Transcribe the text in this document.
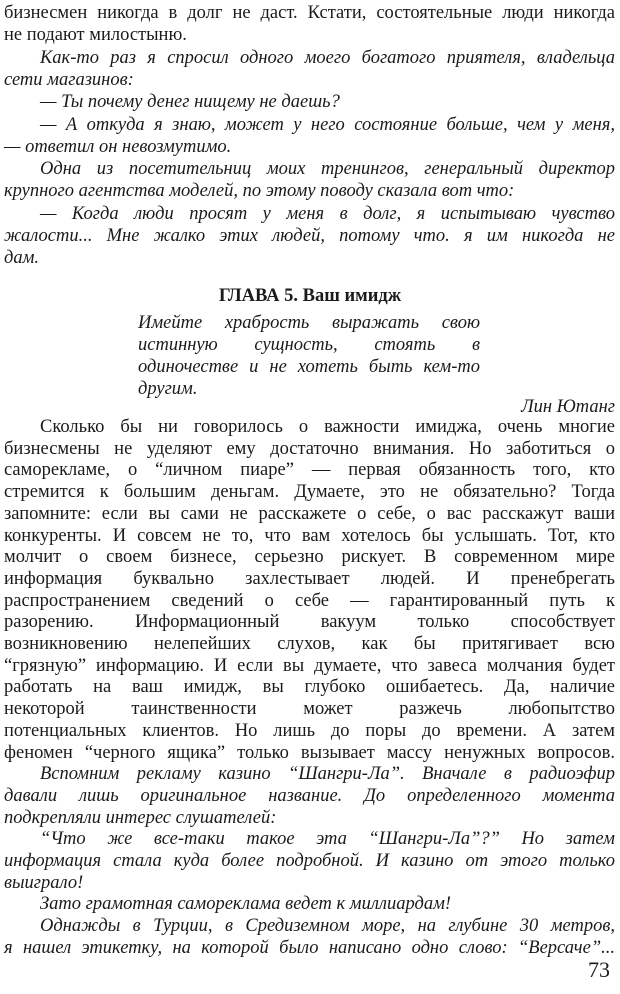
бизнесмен никогда в долг не даст. Кстати, состоятельные люди никогда
не подают милостыню.
Как-то раз я спросил одного моего богатого приятеля, владельца
сети магазинов:
— Ты почему денег нищему не даешь?
— А откуда я знаю, может у него состояние больше, чем у меня,
— ответил он невозмутимо.
Одна из посетительниц моих тренингов, генеральный директор
крупного агентства моделей, по этому поводу сказала вот что:
— Когда люди просят у меня в долг, я испытываю чувство
жалости... Мне жалко этих людей, потому что. я им никогда не
дам.
ГЛАВА 5. Ваш имидж
Имейте храбрость выражать свою
истинную сущность, стоять в
одиночестве и не хотеть быть кем-то
другим.
Лин Ютанг
Сколько бы ни говорилось о важности имиджа, очень многие
бизнесмены не уделяют ему достаточно внимания. Но заботиться о
саморекламе, о “личном пиаре” — первая обязанность того, кто
стремится к большим деньгам. Думаете, это не обязательно? Тогда
запомните: если вы сами не расскажете о себе, о вас расскажут ваши
конкуренты. И совсем не то, что вам хотелось бы услышать. Тот, кто
молчит о своем бизнесе, серьезно рискует. В современном мире
информация буквально захлестывает людей. И пренебрегать
распространением сведений о себе — гарантированный путь к
разорению. Информационный вакуум только способствует
возникновению нелепейших слухов, как бы притягивает всю
“грязную” информацию. И если вы думаете, что завеса молчания будет
работать на ваш имидж, вы глубоко ошибаетесь. Да, наличие
некоторой таинственности может разжечь любопытство
потенциальных клиентов. Но лишь до поры до времени. А затем
феномен “черного ящика” только вызывает массу ненужных вопросов.
Вспомним рекламу казино “Шангри-Ла”. Вначале в радиоэфир
давали лишь оригинальное название. До определенного момента
подкрепляли интерес слушателей:
“Что же все-таки такое эта “Шангри-Ла”?” Но затем
информация стала куда более подробной. И казино от этого только
выиграло!
Зато грамотная самореклама ведет к миллиардам!
Однажды в Турции, в Средиземном море, на глубине 30 метров,
я нашел этикетку, на которой было написано одно слово: “Версаче”...
73
